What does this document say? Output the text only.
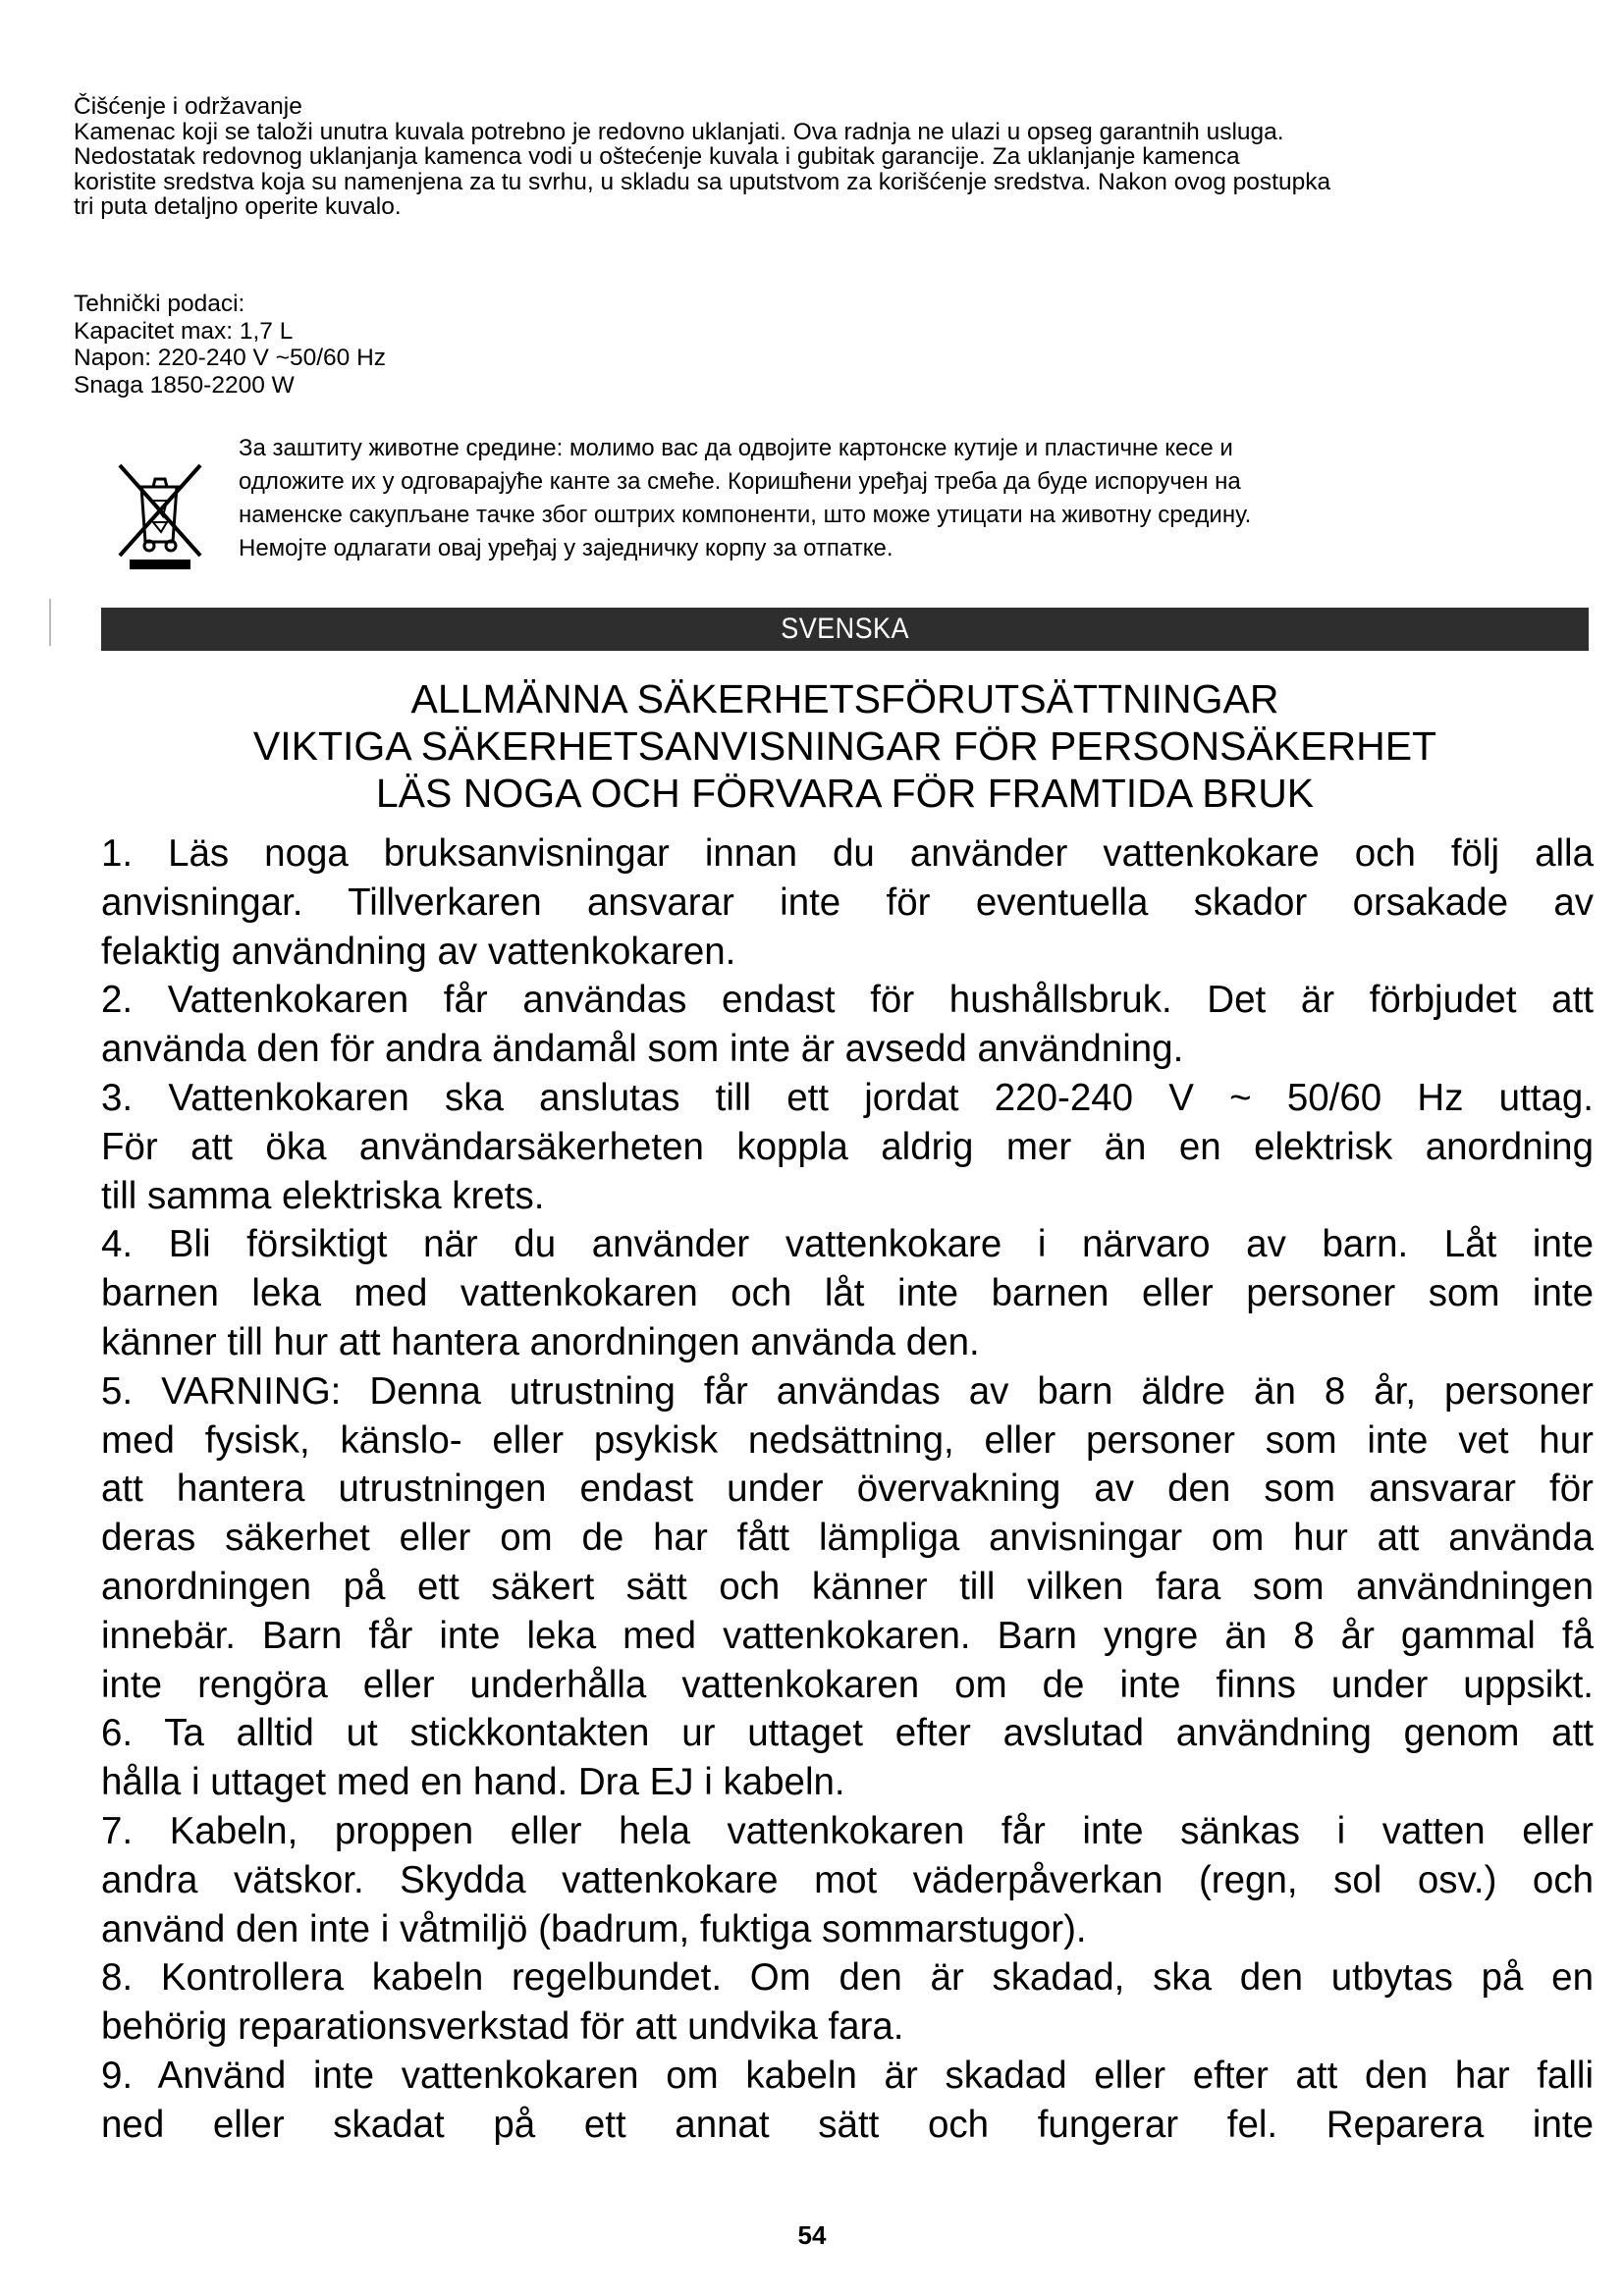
Čišćenje i održavanje

Kamenac koji se taloži unutra kuvala potrebno je redovno uklanjati. Ova radnja ne ulazi u opseg garantnih usluga.

Nedostatak redovnog uklanjanja kamenca vodi u oštećenje kuvala i gubitak garancije. Za uklanjanje kamenca

koristite sredstva koja su namenjena za tu svrhu, u skladu sa uputstvom za korišćenje sredstva. Nakon ovog postupka

tri puta detaljno operite kuvalo.

Tehnički podaci:

Kapacitet max: 1,7 L

Napon: 220-240 V ~50/60 Hz

Snaga 1850-2200 W

За заштиту животне средине: молимо вас да одвојите картонске кутије и пластичне кесе и

одложите их у одговарајуће канте за смеће. Коришћени уређај треба да буде испоручен на

наменске сакупљане тачке због оштрих компоненти, што може утицати на животну средину.

Немојте одлагати овај уређај у заједничку корпу за отпатке.

SVENSKA

ALLMÄNNA SÄKERHETSFÖRUTSÄTTNINGAR

VIKTIGA SÄKERHETSANVISNINGAR FÖR PERSONSÄKERHET

LÄS NOGA OCH FÖRVARA FÖR FRAMTIDA BRUK

1. Läs noga bruksanvisningar innan du använder vattenkokare och följ alla

anvisningar. Tillverkaren ansvarar inte för eventuella skador orsakade av

felaktig användning av vattenkokaren.

2. Vattenkokaren får användas endast för hushållsbruk. Det är förbjudet att

använda den för andra ändamål som inte är avsedd användning.

3. Vattenkokaren ska anslutas till ett jordat 220-240 V ~ 50/60 Hz uttag.

För att öka användarsäkerheten koppla aldrig mer än en elektrisk anordning

till samma elektriska krets.

4. Bli försiktigt när du använder vattenkokare i närvaro av barn. Låt inte

barnen leka med vattenkokaren och låt inte barnen eller personer som inte

känner till hur att hantera anordningen använda den.

5. VARNING: Denna utrustning får användas av barn äldre än 8 år, personer

med fysisk, känslo- eller psykisk nedsättning, eller personer som inte vet hur

att hantera utrustningen endast under övervakning av den som ansvarar för

deras säkerhet eller om de har fått lämpliga anvisningar om hur att använda

anordningen på ett säkert sätt och känner till vilken fara som användningen

innebär. Barn får inte leka med vattenkokaren. Barn yngre än 8 år gammal få

inte rengöra eller underhålla vattenkokaren om de inte finns under uppsikt.

6. Ta alltid ut stickkontakten ur uttaget efter avslutad användning genom att

hålla i uttaget med en hand. Dra EJ i kabeln.

7. Kabeln, proppen eller hela vattenkokaren får inte sänkas i vatten eller

andra vätskor. Skydda vattenkokare mot väderpåverkan (regn, sol osv.) och

använd den inte i våtmiljö (badrum, fuktiga sommarstugor).

8. Kontrollera kabeln regelbundet. Om den är skadad, ska den utbytas på en

behörig reparationsverkstad för att undvika fara.

9. Använd inte vattenkokaren om kabeln är skadad eller efter att den har falli

ned eller skadat på ett annat sätt och fungerar fel. Reparera inte

54
